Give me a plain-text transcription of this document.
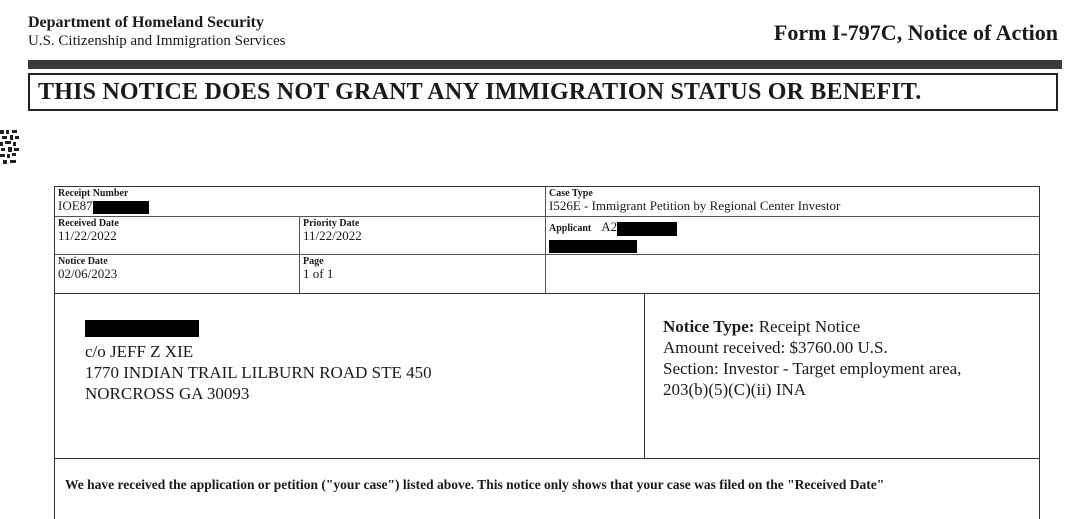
Department of Homeland Security
U.S. Citizenship and Immigration Services	Form I-797C, Notice of Action
THIS NOTICE DOES NOT GRANT ANY IMMIGRATION STATUS OR BENEFIT.
Receipt Number
IOE87
Case Type
I526E - Immigrant Petition by Regional Center Investor
Received Date
11/22/2022
Priority Date
11/22/2022	Applicant A2
Notice Date
02/06/2023
Page
1 of 1
c/o JEFF Z XIE
1770 INDIAN TRAIL LILBURN ROAD STE 450
NORCROSS GA 30093
Notice Type: Receipt Notice
Amount received: $3760.00 U.S.
Section: Investor - Target employment area,
203(b)(5)(C)(ii) INA
We have received the application or petition ("your case") listed above. This notice only shows that your case was filed on the "Received Date"
